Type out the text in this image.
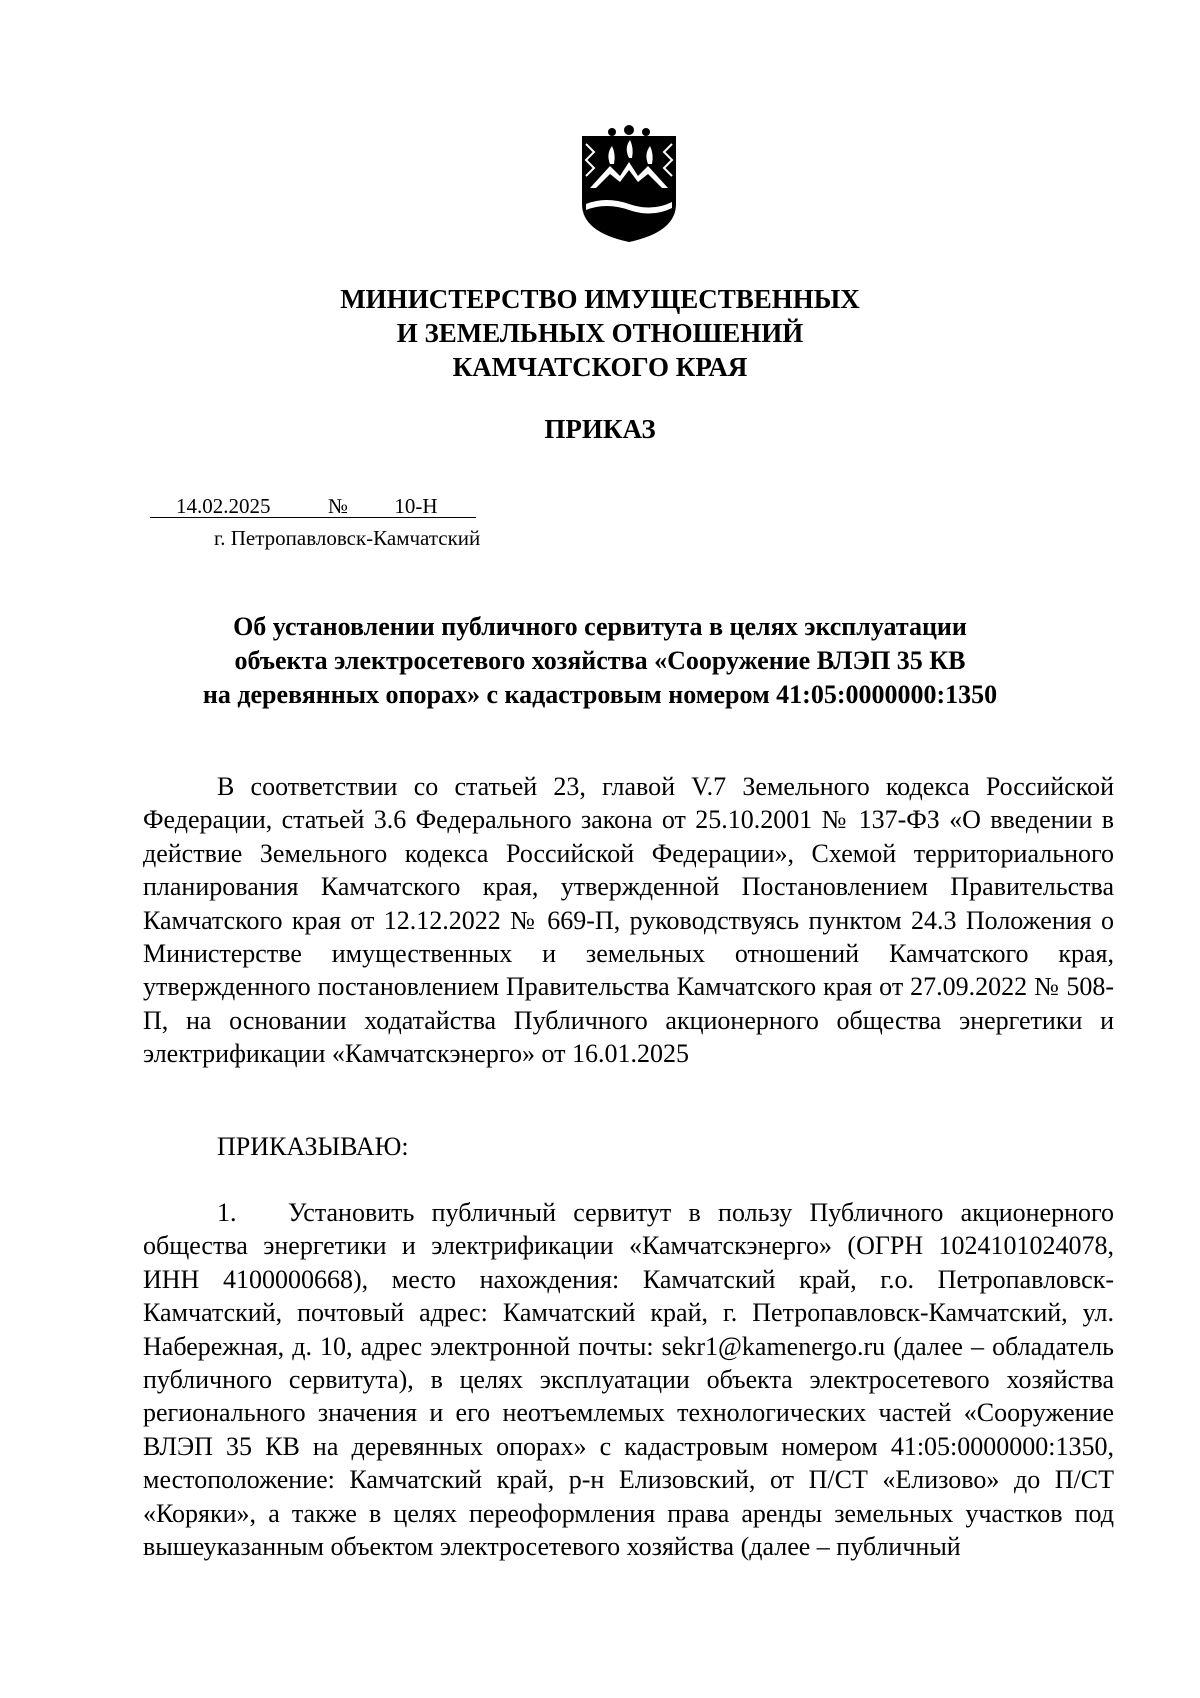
МИНИСТЕРСТВО ИМУЩЕСТВЕННЫХ
И ЗЕМЕЛЬНЫХ ОТНОШЕНИЙ
КАМЧАТСКОГО КРАЯ
ПРИКАЗ
14.02.2025	№ 10-Н
г. Петропавловск-Камчатский
Об установлении публичного сервитута в целях эксплуатации
объекта электросетевого хозяйства «Сооружение ВЛЭП 35 КВ
на деревянных опорах» с кадастровым номером 41:05:0000000:1350
В соответствии со статьей 23, главой V.7 Земельного кодекса Российской Федерации, статьей 3.6 Федерального закона от 25.10.2001 № 137-ФЗ «О введении в действие Земельного кодекса Российской Федерации», Схемой территориального планирования Камчатского края, утвержденной Постановлением Правительства Камчатского края от 12.12.2022 № 669-П, руководствуясь пунктом 24.3 Положения о Министерстве имущественных и земельных отношений Камчатского края, утвержденного постановлением Правительства Камчатского края от 27.09.2022 № 508-П, на основании ходатайства Публичного акционерного общества энергетики и электрификации «Камчатскэнерго» от 16.01.2025
ПРИКАЗЫВАЮ:
1. Установить публичный сервитут в пользу Публичного акционерного общества энергетики и электрификации «Камчатскэнерго» (ОГРН 1024101024078, ИНН 4100000668), место нахождения: Камчатский край, г.о. Петропавловск-Камчатский, почтовый адрес: Камчатский край, г. Петропавловск-Камчатский, ул. Набережная, д. 10, адрес электронной почты: sekr1@kamenergo.ru (далее – обладатель публичного сервитута), в целях эксплуатации объекта электросетевого хозяйства регионального значения и его неотъемлемых технологических частей «Сооружение ВЛЭП 35 КВ на деревянных опорах» с кадастровым номером 41:05:0000000:1350, местоположение: Камчатский край, р-н Елизовский, от П/СТ «Елизово» до П/СТ «Коряки», а также в целях переоформления права аренды земельных участков под вышеуказанным объектом электросетевого хозяйства (далее – публичный
